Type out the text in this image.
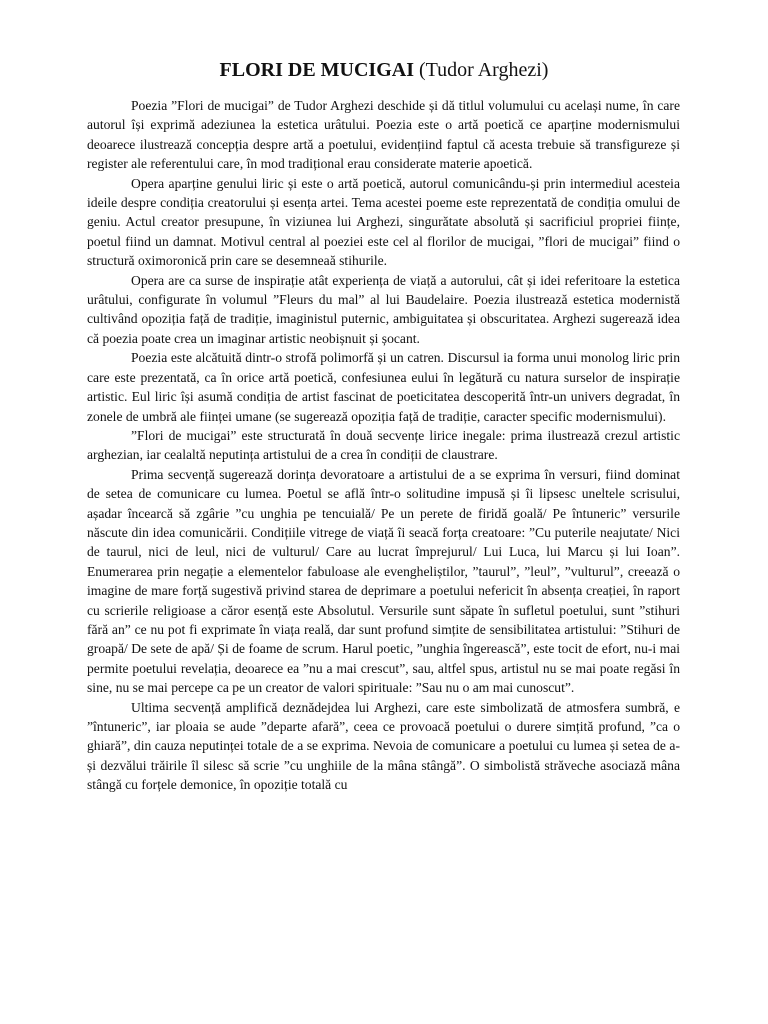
FLORI DE MUCIGAI (Tudor Arghezi)

Poezia ”Flori de mucigai” de Tudor Arghezi deschide și dă titlul volumului cu același nume, în care autorul își exprimă adeziunea la estetica urâtului. Poezia este o artă poetică ce aparține modernismului deoarece ilustrează concepția despre artă a poetului, evidențiind faptul că acesta trebuie să transfigureze și register ale referentului care, în mod tradițional erau considerate materie apoetică.

Opera aparține genului liric și este o artă poetică, autorul comunicându-și prin intermediul acesteia ideile despre condiția creatorului și esența artei. Tema acestei poeme este reprezentată de condiția omului de geniu. Actul creator presupune, în viziunea lui Arghezi, singurătate absolută și sacrificiul propriei ființe, poetul fiind un damnat. Motivul central al poeziei este cel al florilor de mucigai, ”flori de mucigai” fiind o structură oximoronică prin care se desemneaă stihurile.

Opera are ca surse de inspirație atât experiența de viață a autorului, cât și idei referitoare la estetica urâtului, configurate în volumul ”Fleurs du mal” al lui Baudelaire. Poezia ilustrează estetica modernistă cultivând opoziția față de tradiție, imaginistul puternic, ambiguitatea și obscuritatea. Arghezi sugerează idea că poezia poate crea un imaginar artistic neobișnuit și șocant.

Poezia este alcătuită dintr-o strofă polimorfă și un catren. Discursul ia forma unui monolog liric prin care este prezentată, ca în orice artă poetică, confesiunea eului în legătură cu natura surselor de inspirație artistic. Eul liric își asumă condiția de artist fascinat de poeticitatea descoperită într-un univers degradat, în zonele de umbră ale ființei umane (se sugerează opoziția față de tradiție, caracter specific modernismului).

”Flori de mucigai” este structurată în două secvențe lirice inegale: prima ilustrează crezul artistic arghezian, iar cealaltă neputința artistului de a crea în condiții de claustrare.

Prima secvență sugerează dorința devoratoare a artistului de a se exprima în versuri, fiind dominat de setea de comunicare cu lumea. Poetul se află într-o solitudine impusă și îi lipsesc uneltele scrisului, așadar încearcă să zgârie ”cu unghia pe tencuială/ Pe un perete de firidă goală/ Pe întuneric” versurile născute din idea comunicării. Condițiile vitrege de viață îi seacă forța creatoare: ”Cu puterile neajutate/ Nici de taurul, nici de leul, nici de vulturul/ Care au lucrat împrejurul/ Lui Luca, lui Marcu și lui Ioan”. Enumerarea prin negație a elementelor fabuloase ale evengheliștilor, ”taurul”, ”leul”, ”vulturul”, creează o imagine de mare forță sugestivă privind starea de deprimare a poetului nefericit în absența creației, în raport cu scrierile religioase a căror esență este Absolutul. Versurile sunt săpate în sufletul poetului, sunt ”stihuri fără an” ce nu pot fi exprimate în viața reală, dar sunt profund simțite de sensibilitatea artistului: ”Stihuri de groapă/ De sete de apă/ Și de foame de scrum. Harul poetic, ”unghia îngerească”, este tocit de efort, nu-i mai permite poetului revelația, deoarece ea ”nu a mai crescut”, sau, altfel spus, artistul nu se mai poate regăsi în sine, nu se mai percepe ca pe un creator de valori spirituale: ”Sau nu o am mai cunoscut”.

Ultima secvență amplifică deznădejdea lui Arghezi, care este simbolizată de atmosfera sumbră, e ”întuneric”, iar ploaia se aude ”departe afară”, ceea ce provoacă poetului o durere simțită profund, ”ca o ghiară”, din cauza neputinței totale de a se exprima. Nevoia de comunicare a poetului cu lumea și setea de a-și dezvălui trăirile îl silesc să scrie ”cu unghiile de la mâna stângă”. O simbolistă străveche asociază mâna stângă cu forțele demonice, în opoziție totală cu
